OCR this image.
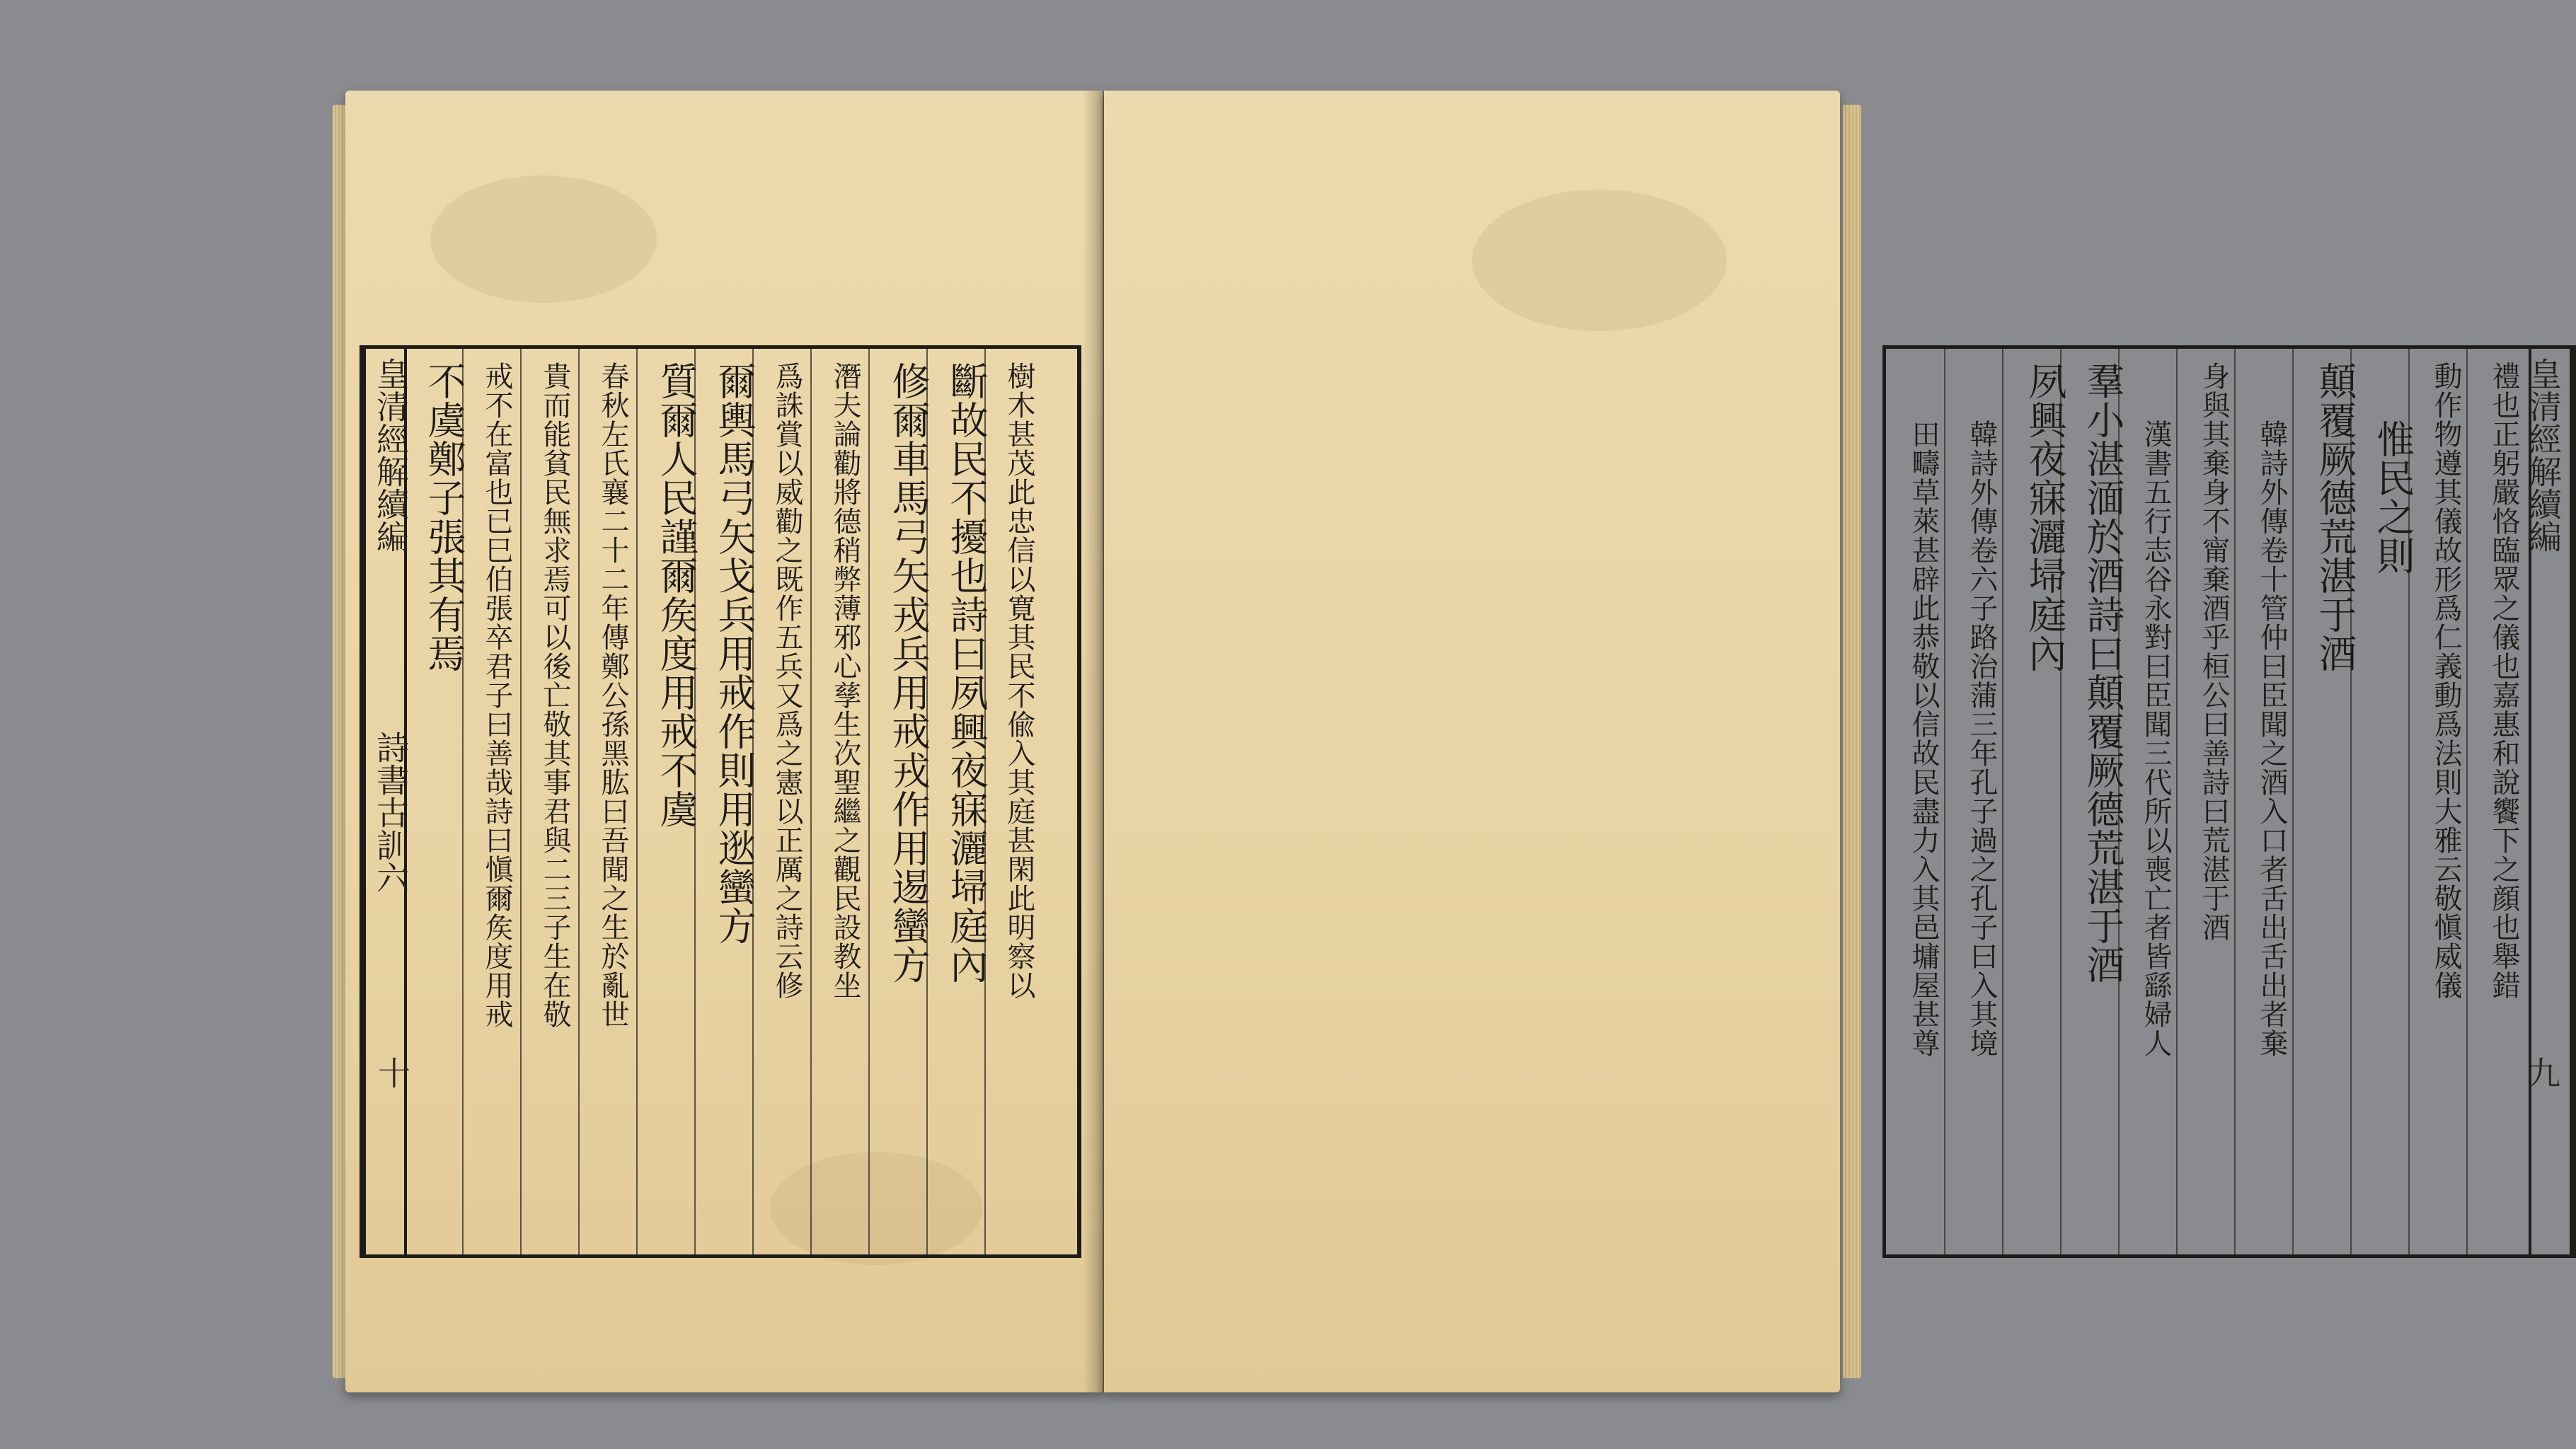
皇清經解續編
詩書古訓六
十
樹木甚茂此忠信以寛其民不偸入其庭甚閑此明察以
斷故民不擾也詩曰夙興夜寐灑埽庭內
修爾車馬弓矢戎兵用戒戎作用逷蠻方
潛夫論勸將德稍弊薄邪心孳生次聖繼之觀民設教坐
爲誅賞以威勸之既作五兵又爲之憲以正厲之詩云修
爾輿馬弓矢戈兵用戒作則用逖蠻方
質爾人民謹爾矦度用戒不虞
春秋左氏襄二十二年傳鄭公孫黑肱曰吾聞之生於亂世
貴而能貧民無求焉可以後亡敬其事君與二三子生在敬
戒不在富也已巳伯張卒君子曰善哉詩曰愼爾矦度用戒
不虞鄭子張其有焉	皇清經解續編
九
禮也正躬嚴恪臨眾之儀也嘉惠和說饗下之顔也舉錯
動作物遵其儀故形爲仁義動爲法則大雅云敬愼威儀
惟民之則
顛覆厥德荒湛于酒
韓詩外傳卷十管仲曰臣聞之酒入口者舌出舌出者棄
身與其棄身不甯棄酒乎桓公曰善詩曰荒湛于酒
漢書五行志谷永對曰臣聞三代所以喪亡者皆繇婦人
羣小湛湎於酒詩曰顛覆厥德荒湛于酒
夙興夜寐灑埽庭內
韓詩外傳卷六子路治蒲三年孔子過之孔子曰入其境
田疇草萊甚辟此恭敬以信故民盡力入其邑墉屋甚尊
